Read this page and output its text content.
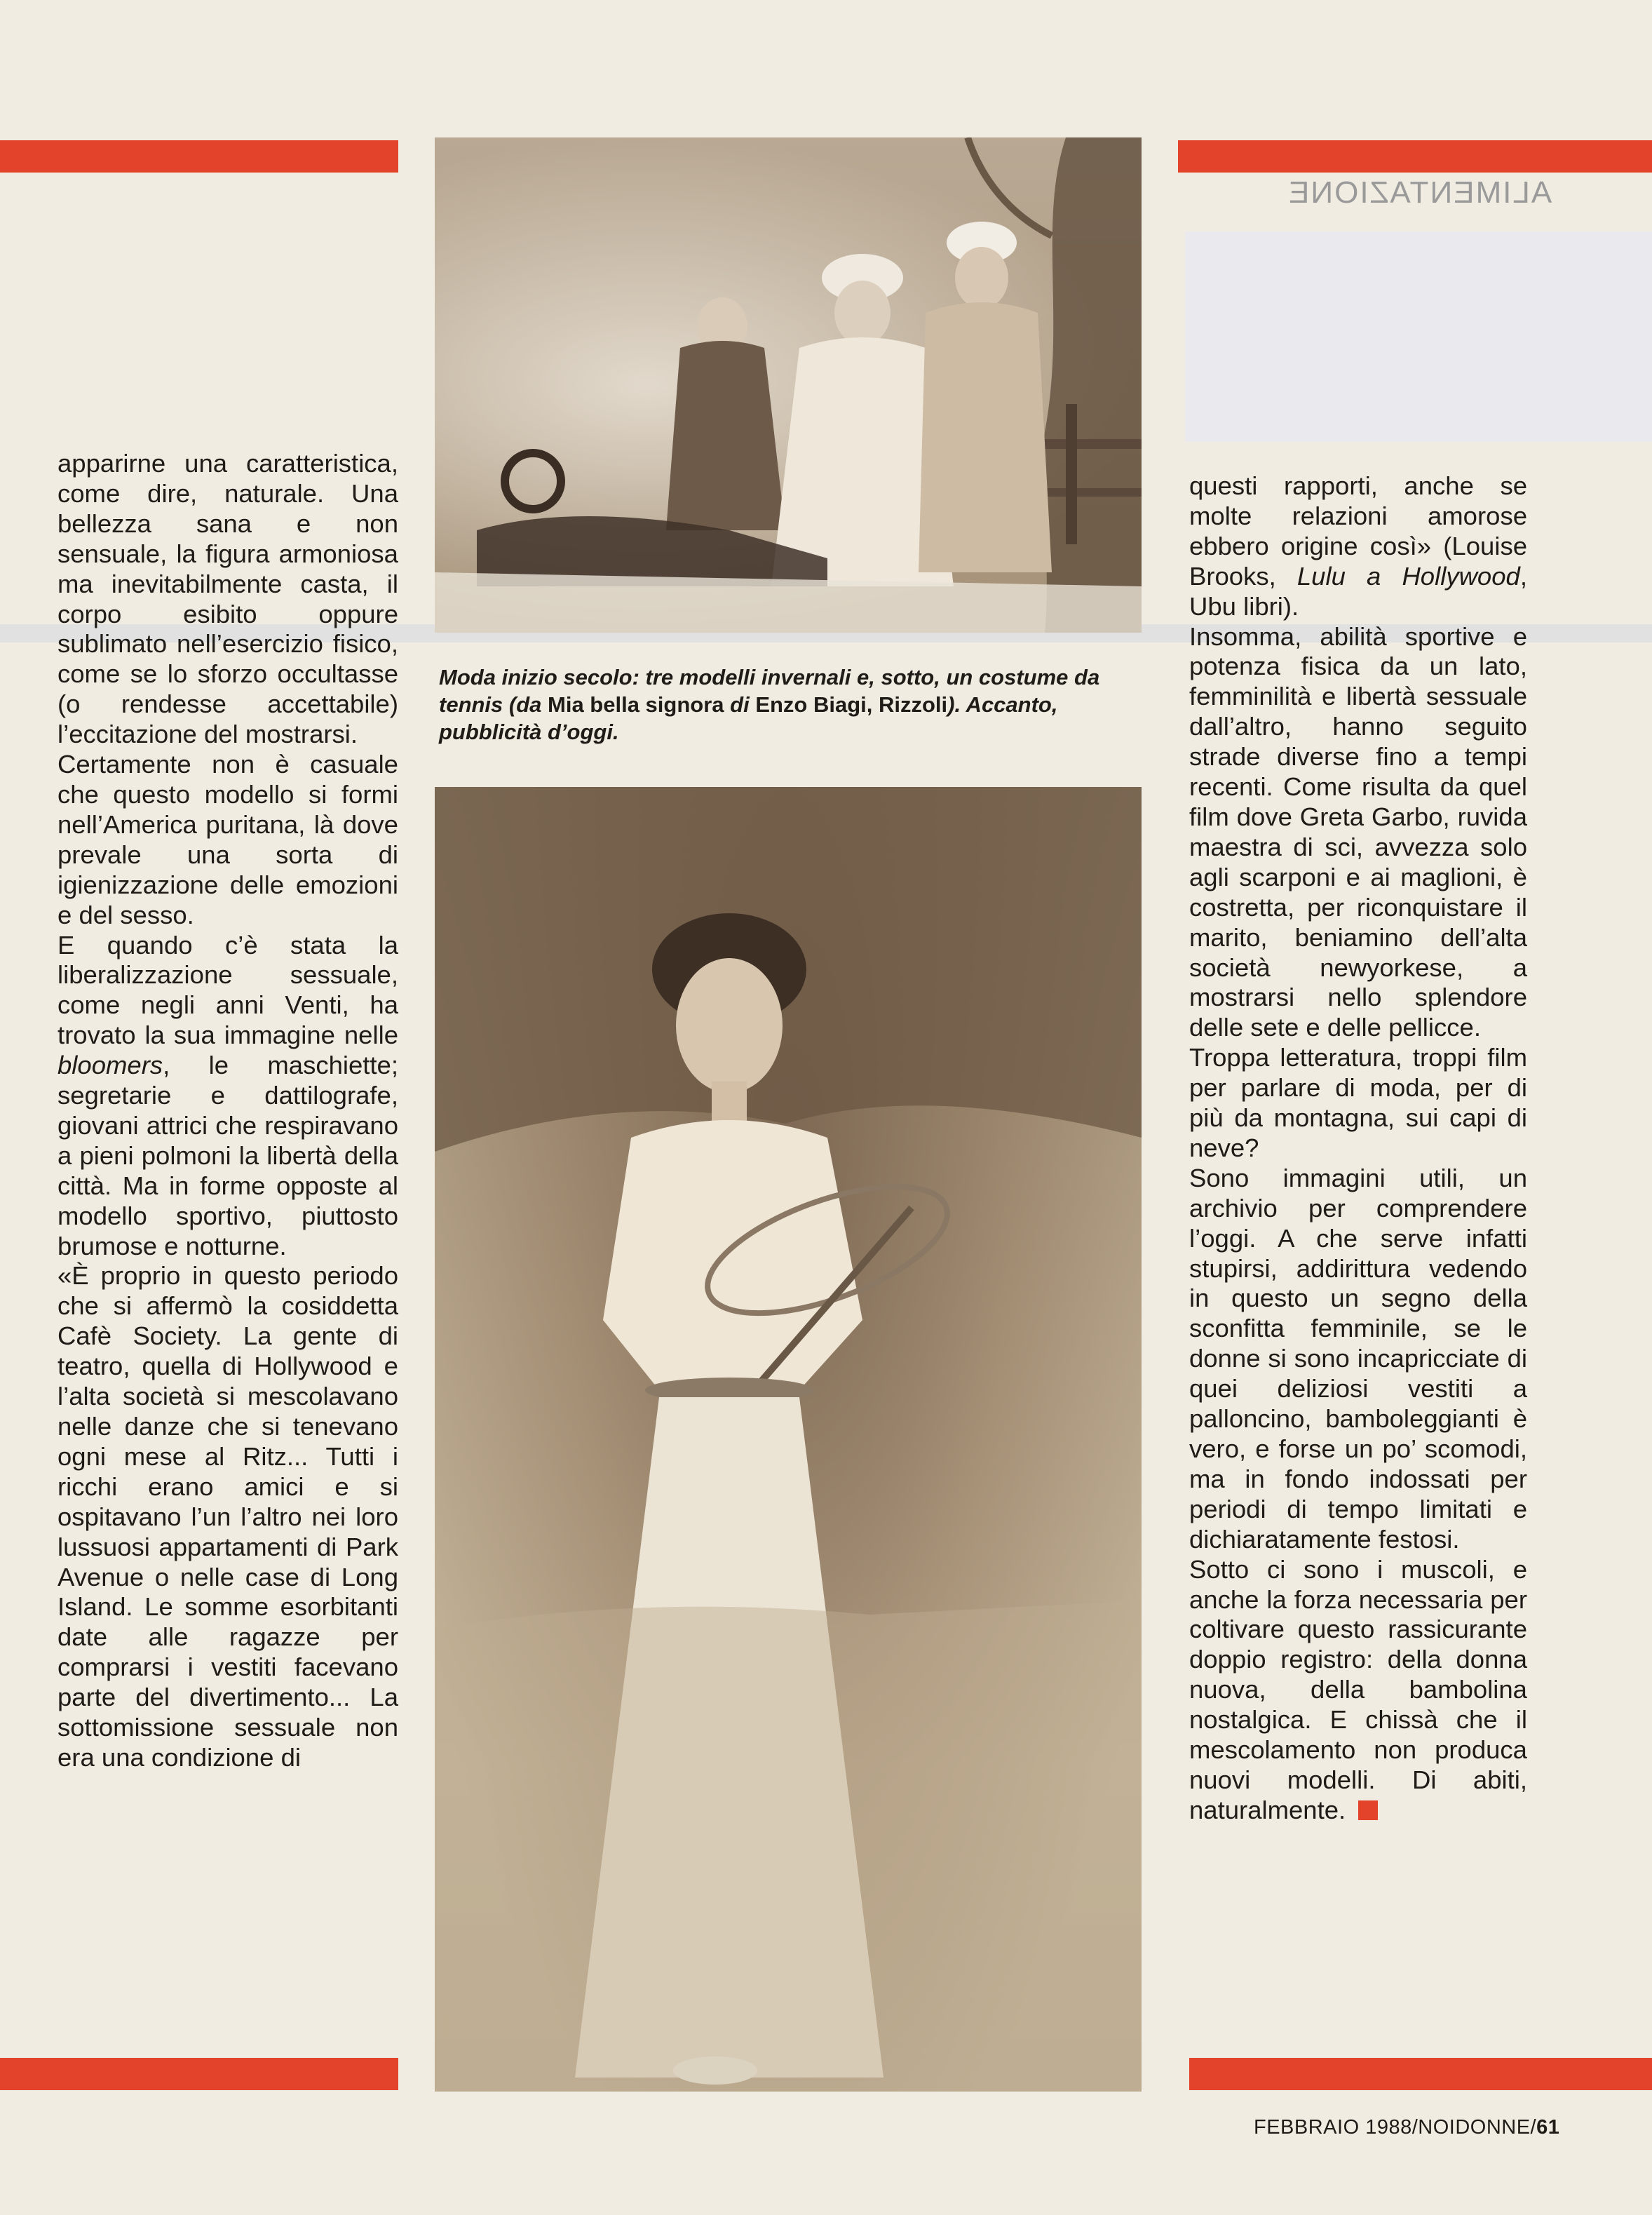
ALIMENTAZIONE

apparirne una caratteristica, come dire, naturale. Una bellezza sana e non sensuale, la figura armoniosa ma inevitabilmente casta, il corpo esibito oppure sublimato nell’esercizio fisico, come se lo sforzo occultasse (o rendesse accettabile) l’eccitazione del mostrarsi.

Certamente non è casuale che questo modello si formi nell’America puritana, là dove prevale una sorta di igienizzazione delle emozioni e del sesso.

E quando c’è stata la liberalizzazione sessuale, come negli anni Venti, ha trovato la sua immagine nelle bloomers, le maschiette; segretarie e dattilografe, giovani attrici che respiravano a pieni polmoni la libertà della città. Ma in forme opposte al modello sportivo, piuttosto brumose e notturne.

«È proprio in questo periodo che si affermò la cosiddetta Cafè Society. La gente di teatro, quella di Hollywood e l’alta società si mescolavano nelle danze che si tenevano ogni mese al Ritz... Tutti i ricchi erano amici e si ospitavano l’un l’altro nei loro lussuosi appartamenti di Park Avenue o nelle case di Long Island. Le somme esorbitanti date alle ragazze per comprarsi i vestiti facevano parte del divertimento... La sottomissione sessuale non era una condizione di

Moda inizio secolo: tre modelli invernali e, sotto, un costume da tennis (da Mia bella signora di Enzo Biagi, Rizzoli). Accanto, pubblicità d’oggi.

questi rapporti, anche se molte relazioni amorose ebbero origine così» (Louise Brooks, Lulu a Hollywood, Ubu libri).

Insomma, abilità sportive e potenza fisica da un lato, femminilità e libertà sessuale dall’altro, hanno seguito strade diverse fino a tempi recenti. Come risulta da quel film dove Greta Garbo, ruvida maestra di sci, avvezza solo agli scarponi e ai maglioni, è costretta, per riconquistare il marito, beniamino dell’alta società newyorkese, a mostrarsi nello splendore delle sete e delle pellicce.

Troppa letteratura, troppi film per parlare di moda, per di più da montagna, sui capi di neve?

Sono immagini utili, un archivio per comprendere l’oggi. A che serve infatti stupirsi, addirittura vedendo in questo un segno della sconfitta femminile, se le donne si sono incapricciate di quei deliziosi vestiti a palloncino, bamboleggianti è vero, e forse un po’ scomodi, ma in fondo indossati per periodi di tempo limitati e dichiaratamente festosi.

Sotto ci sono i muscoli, e anche la forza necessaria per coltivare questo rassicurante doppio registro: della donna nuova, della bambolina nostalgica. E chissà che il mescolamento non produca nuovi modelli. Di abiti, naturalmente.

FEBBRAIO 1988/NOIDONNE/61
